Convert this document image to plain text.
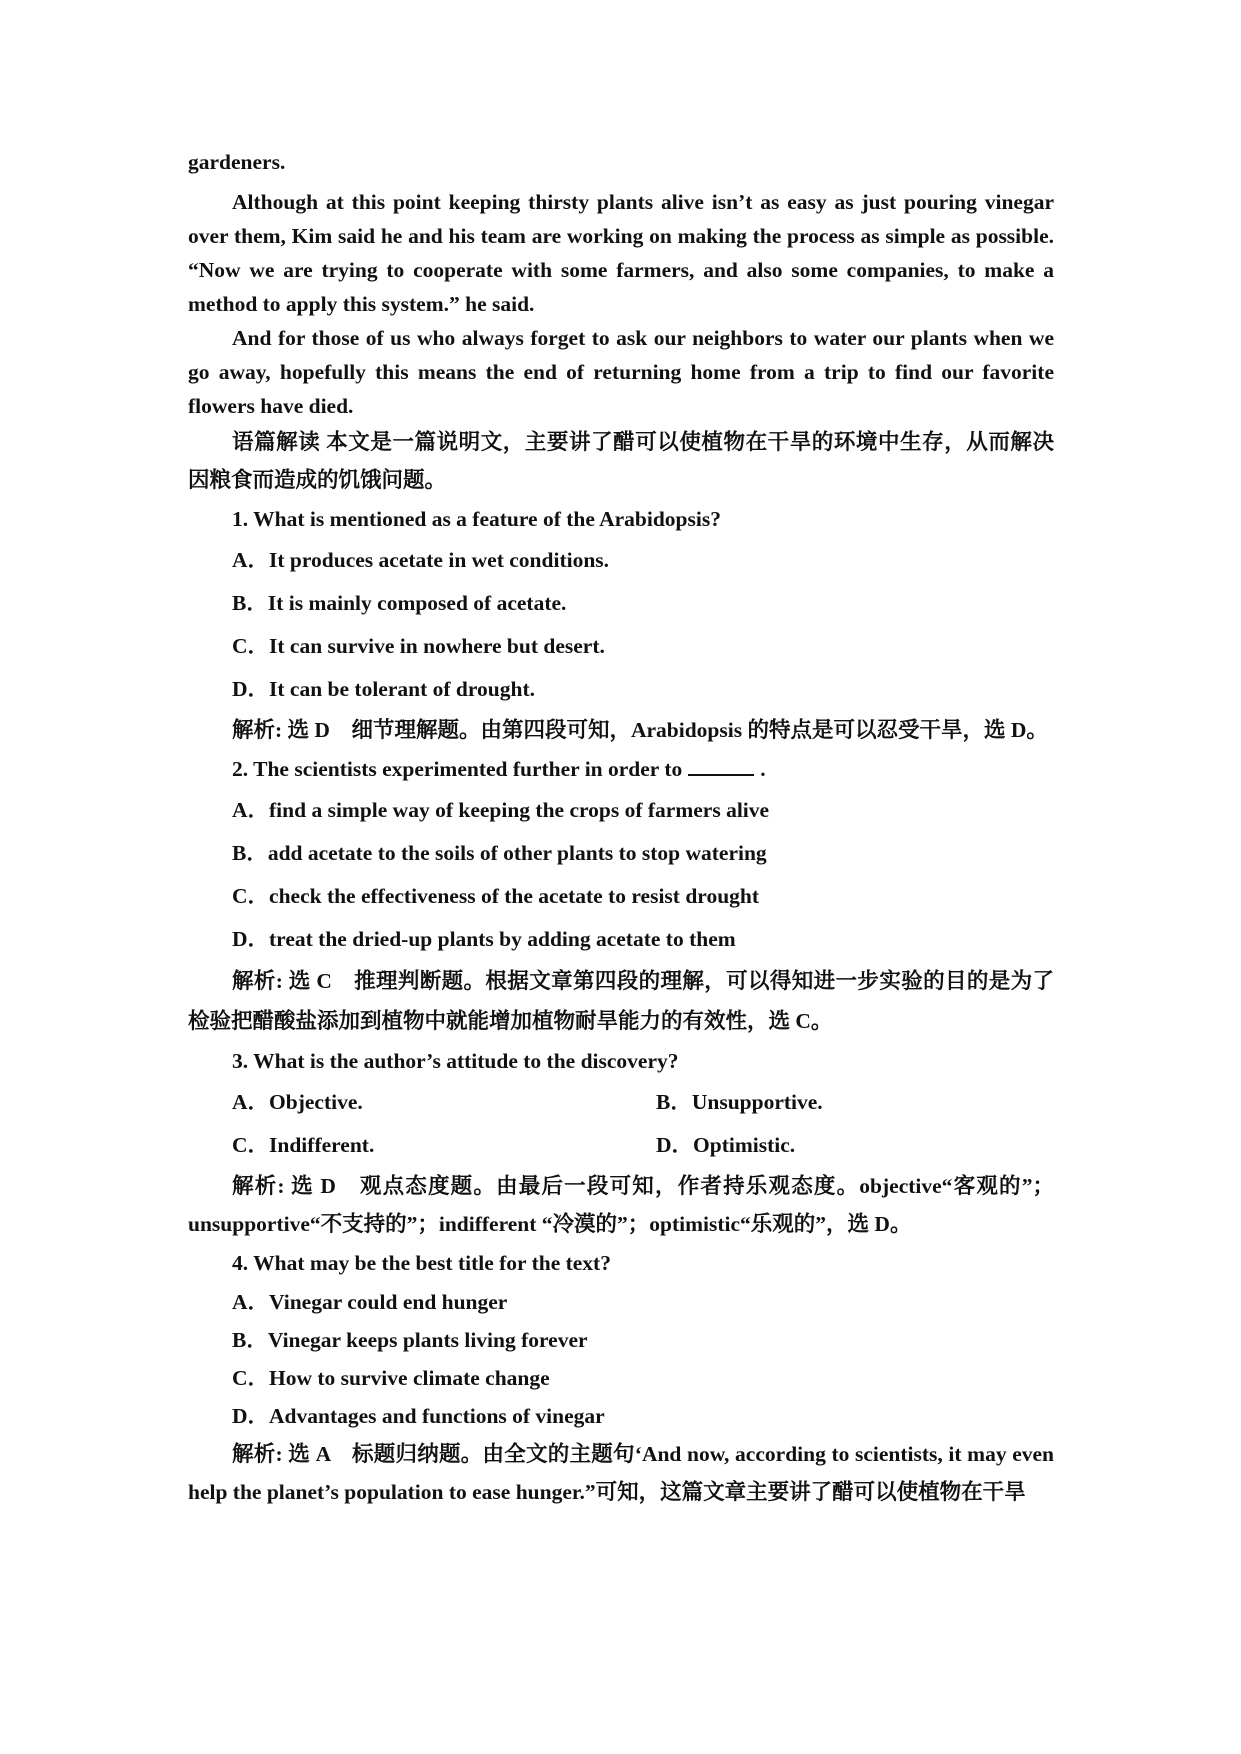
gardeners.

Although at this point keeping thirsty plants alive isn’t as easy as just pouring vinegar over them, Kim said he and his team are working on making the process as simple as possible. “Now we are trying to cooperate with some farmers, and also some companies, to make a method to apply this system.” he said.

And for those of us who always forget to ask our neighbors to water our plants when we go away, hopefully this means the end of returning home from a trip to find our favorite flowers have died.

语篇解读 本文是一篇说明文，主要讲了醋可以使植物在干旱的环境中生存，从而解决因粮食而造成的饥饿问题。

1. What is mentioned as a feature of the Arabidopsis?

A．It produces acetate in wet conditions.

B．It is mainly composed of acetate.

C．It can survive in nowhere but desert.

D．It can be tolerant of drought.

解析: 选 D　细节理解题。由第四段可知，Arabidopsis 的特点是可以忍受干旱，选 D。

2. The scientists experimented further in order to	.

A．find a simple way of keeping the crops of farmers alive

B．add acetate to the soils of other plants to stop watering

C．check the effectiveness of the acetate to resist drought

D．treat the dried-up plants by adding acetate to them

解析: 选 C　推理判断题。根据文章第四段的理解，可以得知进一步实验的目的是为了检验把醋酸盐添加到植物中就能增加植物耐旱能力的有效性，选 C。

3. What is the author’s attitude to the discovery?

A．Objective.	B．Unsupportive.
C．Indifferent.	D．Optimistic.

解析: 选 D　观点态度题。由最后一段可知，作者持乐观态度。objective“客观的”；unsupportive“不支持的”；indifferent “冷漠的”；optimistic“乐观的”，选 D。

4. What may be the best title for the text?

A．Vinegar could end hunger

B．Vinegar keeps plants living forever

C．How to survive climate change

D．Advantages and functions of vinegar

解析: 选 A　标题归纳题。由全文的主题句‘And now, according to scientists, it may even help the planet’s population to ease hunger.”可知，这篇文章主要讲了醋可以使植物在干旱
